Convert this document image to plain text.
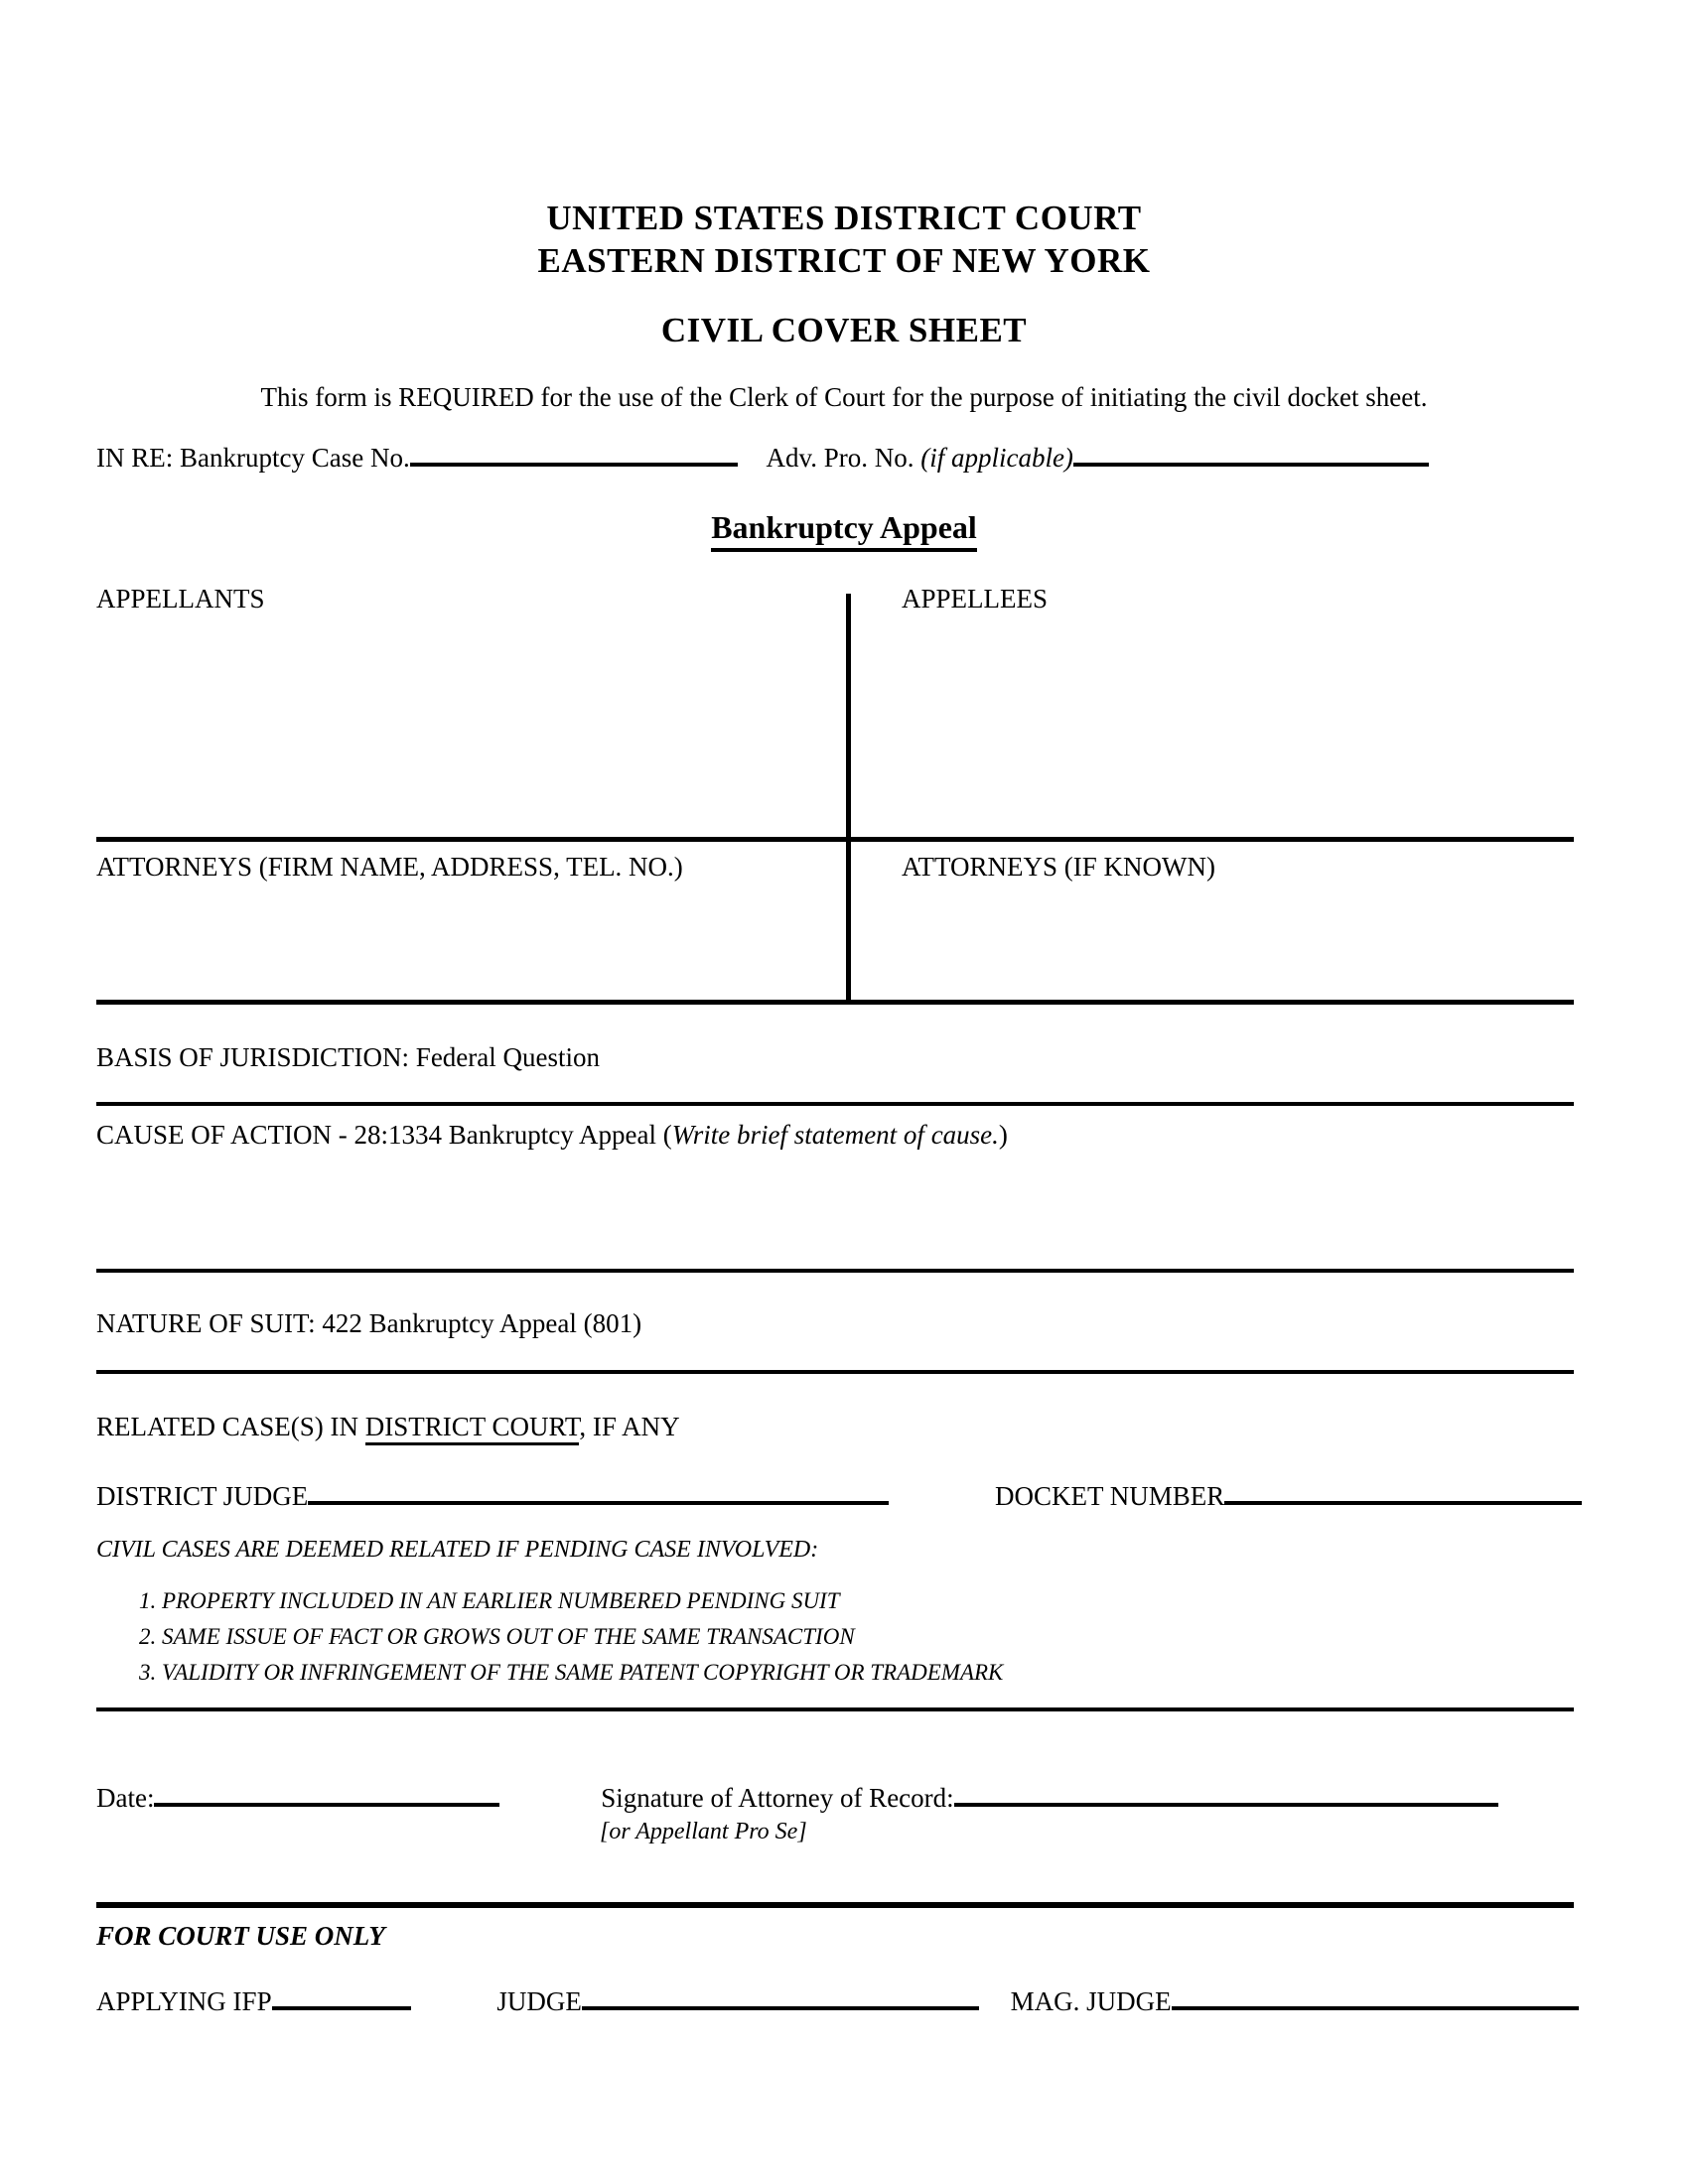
UNITED STATES DISTRICT COURT
EASTERN DISTRICT OF NEW YORK
CIVIL COVER SHEET
This form is REQUIRED for the use of the Clerk of Court for the purpose of initiating the civil docket sheet.
IN RE: Bankruptcy Case No.	Adv. Pro. No. (if applicable)
Bankruptcy Appeal
APPELLANTS	APPELLEES
ATTORNEYS (FIRM NAME, ADDRESS, TEL. NO.)	ATTORNEYS (IF KNOWN)
BASIS OF JURISDICTION: Federal Question
CAUSE OF ACTION - 28:1334 Bankruptcy Appeal (Write brief statement of cause.)
NATURE OF SUIT: 422 Bankruptcy Appeal (801)
RELATED CASE(S) IN DISTRICT COURT, IF ANY
DISTRICT JUDGE	DOCKET NUMBER
CIVIL CASES ARE DEEMED RELATED IF PENDING CASE INVOLVED:
1. PROPERTY INCLUDED IN AN EARLIER NUMBERED PENDING SUIT
2. SAME ISSUE OF FACT OR GROWS OUT OF THE SAME TRANSACTION
3. VALIDITY OR INFRINGEMENT OF THE SAME PATENT COPYRIGHT OR TRADEMARK
Date:	Signature of Attorney of Record:
[or Appellant Pro Se]
FOR COURT USE ONLY
APPLYING IFP	JUDGE	MAG. JUDGE
